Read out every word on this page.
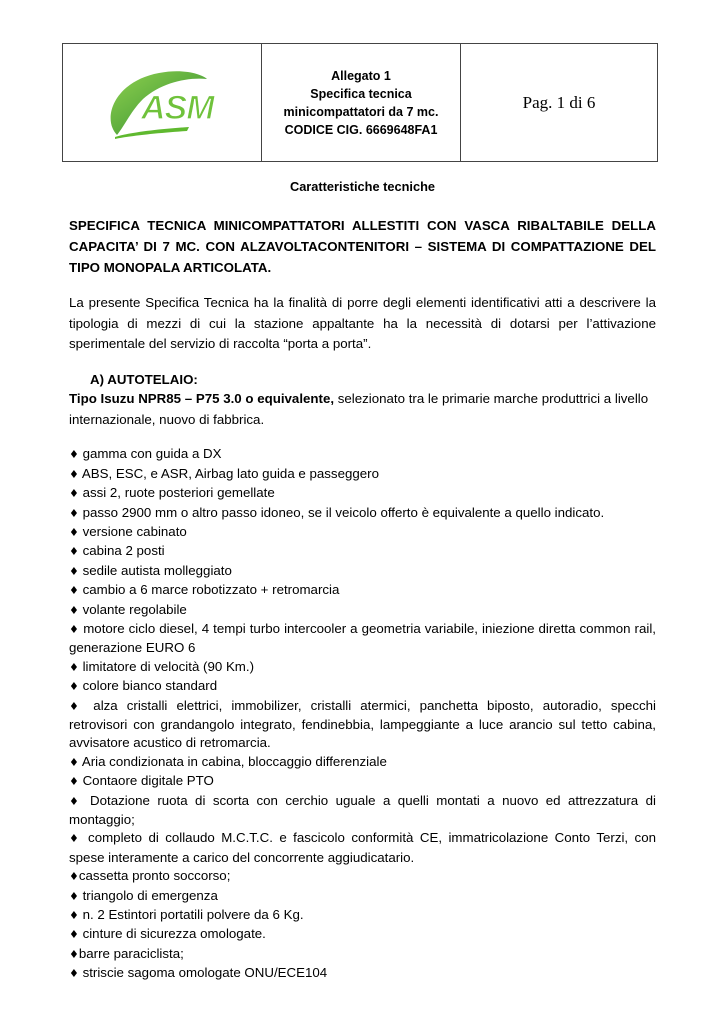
ASM

Allegato 1
Specifica tecnica
minicompattatori da 7 mc.
CODICE CIG. 6669648FA1
	Pag. 1 di 6
Caratteristiche tecniche
SPECIFICA TECNICA MINICOMPATTATORI ALLESTITI CON VASCA RIBALTABILE DELLA CAPACITA’ DI 7 MC. CON ALZAVOLTACONTENITORI – SISTEMA DI COMPATTAZIONE DEL TIPO MONOPALA ARTICOLATA.
La presente Specifica Tecnica ha la finalità di porre degli elementi identificativi atti a descrivere la tipologia di mezzi di cui la stazione appaltante ha la necessità di dotarsi per l’attivazione sperimentale del servizio di raccolta “porta a porta”.
A) AUTOTELAIO:
Tipo Isuzu NPR85 – P75 3.0 o equivalente, selezionato tra le primarie marche produttrici a livello internazionale, nuovo di fabbrica.
♦ gamma con guida a DX
♦ ABS, ESC, e ASR, Airbag lato guida e passeggero
♦ assi 2, ruote posteriori gemellate
♦ passo 2900 mm o altro passo idoneo, se il veicolo offerto è equivalente a quello indicato.
♦ versione cabinato
♦ cabina 2 posti
♦ sedile autista molleggiato
♦ cambio a 6 marce robotizzato + retromarcia
♦ volante regolabile
♦ motore ciclo diesel, 4 tempi turbo intercooler a geometria variabile, iniezione diretta common rail, generazione EURO 6
♦ limitatore di velocità (90 Km.)
♦ colore bianco standard
♦ alza cristalli elettrici, immobilizer, cristalli atermici, panchetta biposto, autoradio, specchi retrovisori con grandangolo integrato, fendinebbia, lampeggiante a luce arancio sul tetto cabina, avvisatore acustico di retromarcia.
♦ Aria condizionata in cabina, bloccaggio differenziale
♦ Contaore digitale PTO
♦ Dotazione ruota di scorta con cerchio uguale a quelli montati a nuovo ed attrezzatura di montaggio;
♦ completo di collaudo M.C.T.C. e fascicolo conformità CE, immatricolazione Conto Terzi, con spese interamente a carico del concorrente aggiudicatario.
♦cassetta pronto soccorso;
♦ triangolo di emergenza
♦ n. 2 Estintori portatili polvere da 6 Kg.
♦ cinture di sicurezza omologate.
♦barre paraciclista;
♦ striscie sagoma omologate ONU/ECE104
